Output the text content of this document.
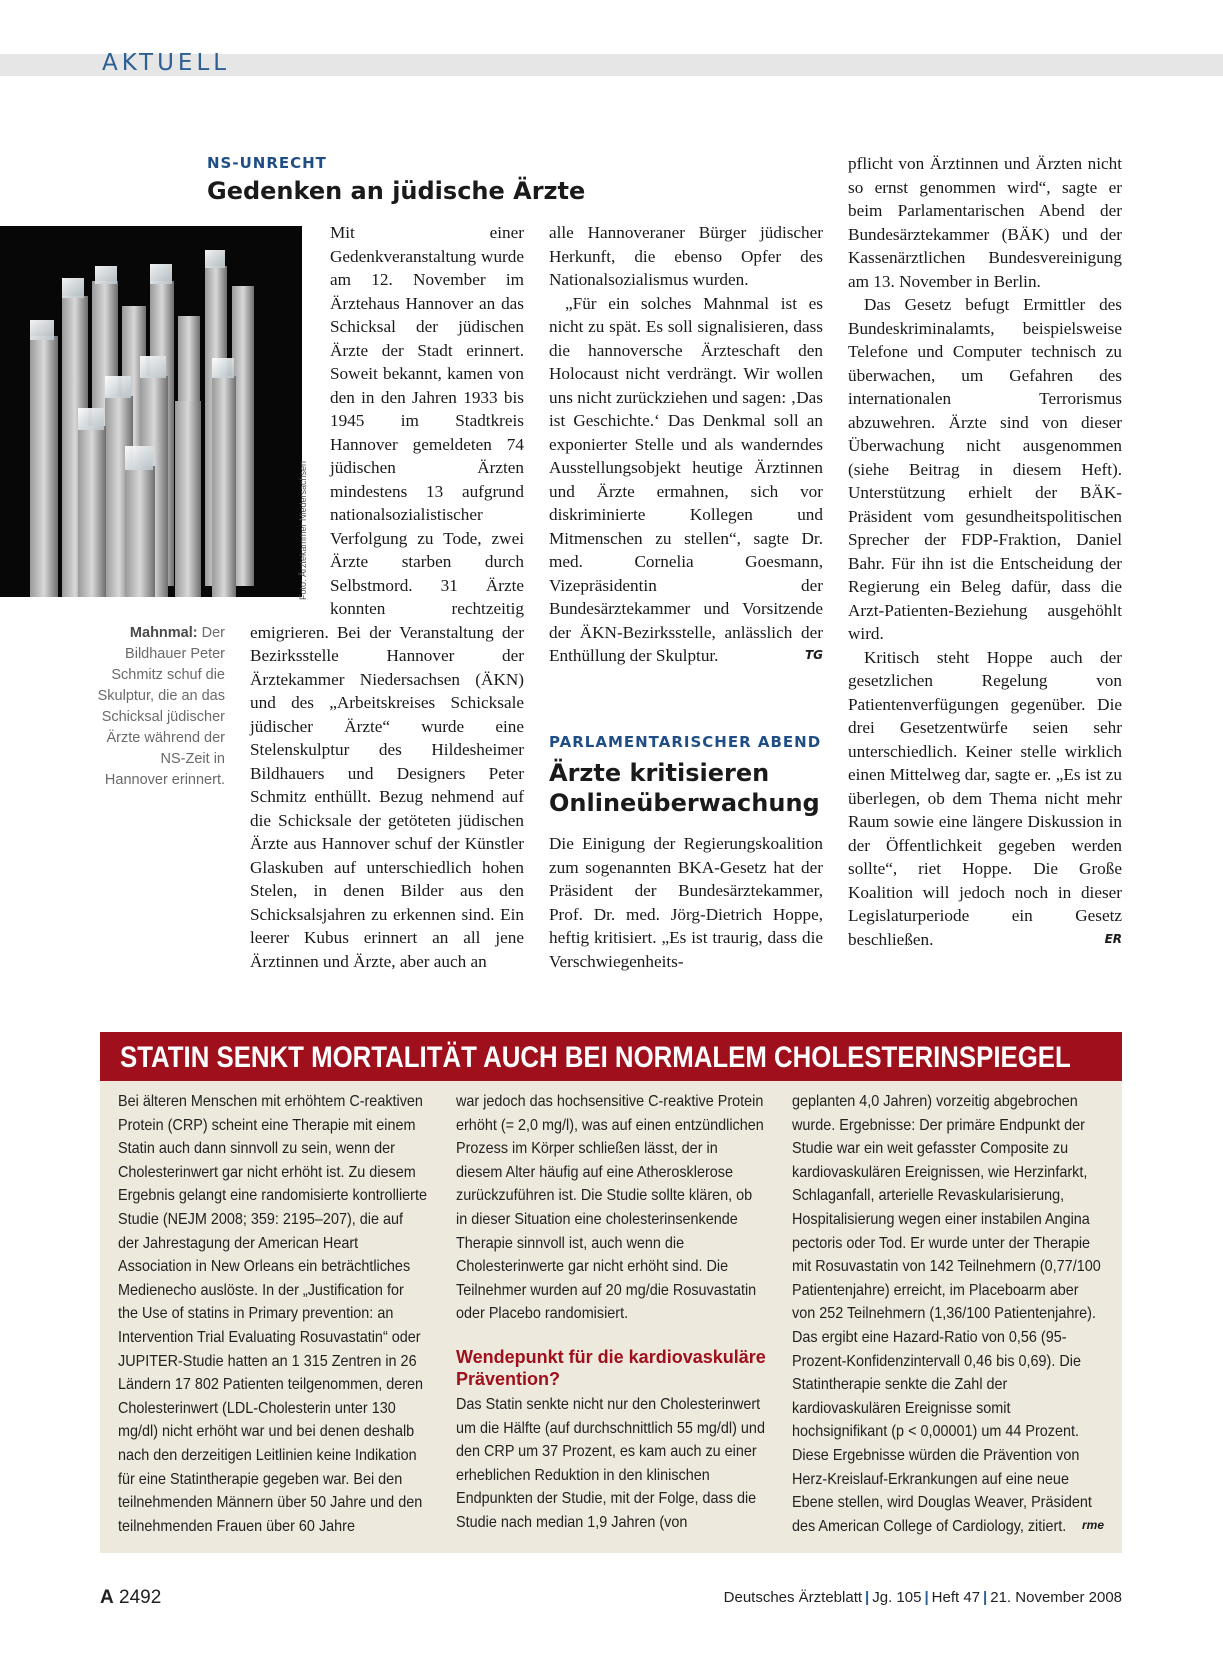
AKTUELL
NS-UNRECHT
Gedenken an jüdische Ärzte
Foto: Ärztekammer Niedersachsen
Mahnmal: Der Bildhauer Peter Schmitz schuf die Skulptur, die an das Schicksal jüdischer Ärzte während der NS-Zeit in Hannover erinnert.

Mit einer Gedenkveranstaltung wurde am 12. November im Ärztehaus Hannover an das Schicksal der jüdischen Ärzte der Stadt erinnert. Soweit bekannt, kamen von den in den Jahren 1933 bis 1945 im Stadtkreis Hannover gemeldeten 74 jüdischen Ärzten mindestens 13 aufgrund nationalsozialistischer Verfolgung zu Tode, zwei Ärzte starben durch Selbstmord. 31 Ärzte konnten rechtzeitig emigrieren. Bei der Veranstaltung der Bezirksstelle Hannover der Ärztekammer Niedersachsen (ÄKN) und des „Arbeitskreises Schicksale jüdischer Ärzte“ wurde eine Stelenskulptur des Hildesheimer Bildhauers und Designers Peter Schmitz enthüllt. Bezug nehmend auf die Schicksale der getöteten jüdischen Ärzte aus Hannover schuf der Künstler Glaskuben auf unterschiedlich hohen Stelen, in denen Bilder aus den Schicksalsjahren zu erkennen sind. Ein leerer Kubus erinnert an all jene Ärztinnen und Ärzte, aber auch an

alle Hannoveraner Bürger jüdischer Herkunft, die ebenso Opfer des Nationalsozialismus wurden.

„Für ein solches Mahnmal ist es nicht zu spät. Es soll signalisieren, dass die hannoversche Ärzteschaft den Holocaust nicht verdrängt. Wir wollen uns nicht zurückziehen und sagen: ‚Das ist Geschichte.‘ Das Denkmal soll an exponierter Stelle und als wanderndes Ausstellungsobjekt heutige Ärztinnen und Ärzte ermahnen, sich vor diskriminierte Kollegen und Mitmenschen zu stellen“, sagte Dr. med. Cornelia Goesmann, Vizepräsidentin der Bundesärztekammer und Vorsitzende der ÄKN-Bezirksstelle, anlässlich der Enthüllung der Skulptur.	TG

PARLAMENTARISCHER ABEND
Ärzte kritisieren
Onlineüberwachung

Die Einigung der Regierungskoalition zum sogenannten BKA-Gesetz hat der Präsident der Bundesärztekammer, Prof. Dr. med. Jörg-Dietrich Hoppe, heftig kritisiert. „Es ist traurig, dass die Verschwiegenheits-

pflicht von Ärztinnen und Ärzten nicht so ernst genommen wird“, sagte er beim Parlamentarischen Abend der Bundesärztekammer (BÄK) und der Kassenärztlichen Bundesvereinigung am 13. November in Berlin.

Das Gesetz befugt Ermittler des Bundeskriminalamts, beispielsweise Telefone und Computer technisch zu überwachen, um Gefahren des internationalen Terrorismus abzuwehren. Ärzte sind von dieser Überwachung nicht ausgenommen (siehe Beitrag in diesem Heft). Unterstützung erhielt der BÄK-Präsident vom gesundheitspolitischen Sprecher der FDP-Fraktion, Daniel Bahr. Für ihn ist die Entscheidung der Regierung ein Beleg dafür, dass die Arzt-Patienten-Beziehung ausgehöhlt wird.

Kritisch steht Hoppe auch der gesetzlichen Regelung von Patientenverfügungen gegenüber. Die drei Gesetzentwürfe seien sehr unterschiedlich. Keiner stelle wirklich einen Mittelweg dar, sagte er. „Es ist zu überlegen, ob dem Thema nicht mehr Raum sowie eine längere Diskussion in der Öffentlichkeit gegeben werden sollte“, riet Hoppe. Die Große Koalition will jedoch noch in dieser Legislaturperiode ein Gesetz beschließen.	ER

STATIN SENKT MORTALITÄT AUCH BEI NORMALEM CHOLESTERINSPIEGEL

Bei älteren Menschen mit erhöhtem C-reaktiven Protein (CRP) scheint eine Therapie mit einem Statin auch dann sinnvoll zu sein, wenn der Cholesterinwert gar nicht erhöht ist. Zu diesem Ergebnis gelangt eine randomisierte kontrollierte Studie (NEJM 2008; 359: 2195–207), die auf der Jahrestagung der American Heart Association in New Orleans ein beträchtliches Medienecho auslöste. In der „Justification for the Use of statins in Primary prevention: an Intervention Trial Evaluating Rosuvastatin“ oder JUPITER-Studie hatten an 1 315 Zentren in 26 Ländern 17 802 Patienten teilgenommen, deren Cholesterinwert (LDL-Cholesterin unter 130 mg/dl) nicht erhöht war und bei denen deshalb nach den derzeitigen Leitlinien keine Indikation für eine Statintherapie gegeben war. Bei den teilnehmenden Männern über 50 Jahre und den teilnehmenden Frauen über 60 Jahre

war jedoch das hochsensitive C-reaktive Protein erhöht (= 2,0 mg/l), was auf einen entzündlichen Prozess im Körper schließen lässt, der in diesem Alter häufig auf eine Atherosklerose zurückzuführen ist. Die Studie sollte klären, ob in dieser Situation eine cholesterinsenkende Therapie sinnvoll ist, auch wenn die Cholesterinwerte gar nicht erhöht sind. Die Teilnehmer wurden auf 20 mg/die Rosuvastatin oder Placebo randomisiert.

Wendepunkt für die kardiovaskuläre Prävention?

Das Statin senkte nicht nur den Cholesterinwert um die Hälfte (auf durchschnittlich 55 mg/dl) und den CRP um 37 Prozent, es kam auch zu einer erheblichen Reduktion in den klinischen Endpunkten der Studie, mit der Folge, dass die Studie nach median 1,9 Jahren (von

geplanten 4,0 Jahren) vorzeitig abgebrochen wurde. Ergebnisse: Der primäre Endpunkt der Studie war ein weit gefasster Composite zu kardiovaskulären Ereignissen, wie Herzinfarkt, Schlaganfall, arterielle Revaskularisierung, Hospitalisierung wegen einer instabilen Angina pectoris oder Tod. Er wurde unter der Therapie mit Rosuvastatin von 142 Teilnehmern (0,77/100 Patientenjahre) erreicht, im Placeboarm aber von 252 Teilnehmern (1,36/100 Patientenjahre). Das ergibt eine Hazard-Ratio von 0,56 (95-Prozent-Konfidenzintervall 0,46 bis 0,69). Die Statintherapie senkte die Zahl der kardiovaskulären Ereignisse somit hochsignifikant (p < 0,00001) um 44 Prozent. Diese Ergebnisse würden die Prävention von Herz-Kreislauf-Erkrankungen auf eine neue Ebene stellen, wird Douglas Weaver, Präsident des American College of Cardiology, zitiert.	rme
A 2492	Deutsches Ärzteblatt | Jg. 105 | Heft 47 | 21. November 2008
